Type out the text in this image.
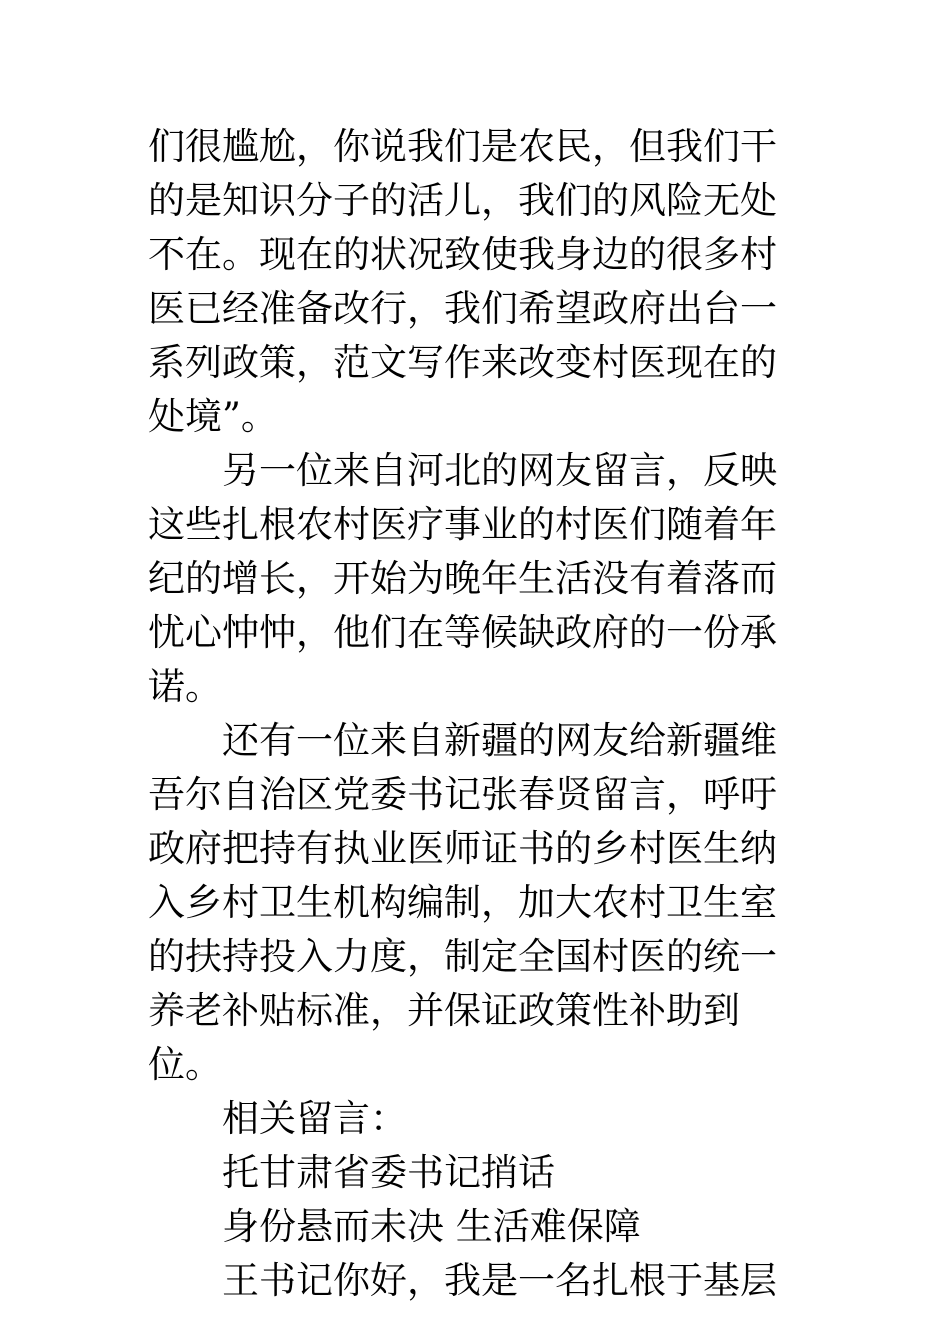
们很尴尬，你说我们是农民，但我们干
的是知识分子的活儿，我们的风险无处
不在。现在的状况致使我身边的很多村
医已经准备改行，我们希望政府出台一
系列政策，范文写作来改变村医现在的
处境”。
另一位来自河北的网友留言，反映
这些扎根农村医疗事业的村医们随着年
纪的增长，开始为晚年生活没有着落而
忧心忡忡，他们在等候缺政府的一份承
诺。
还有一位来自新疆的网友给新疆维
吾尔自治区党委书记张春贤留言，呼吁
政府把持有执业医师证书的乡村医生纳
入乡村卫生机构编制，加大农村卫生室
的扶持投入力度，制定全国村医的统一
养老补贴标准，并保证政策性补助到
位。
相关留言：
托甘肃省委书记捎话
身份悬而未决 生活难保障
王书记你好，我是一名扎根于基层
